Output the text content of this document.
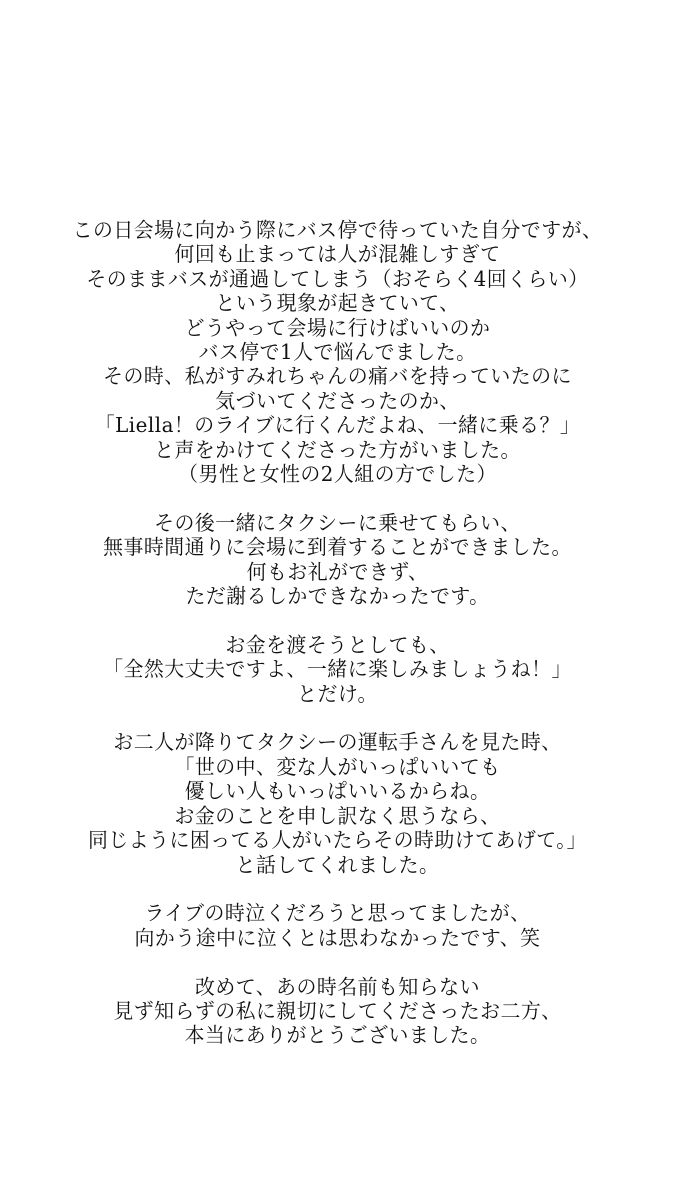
この日会場に向かう際にバス停で待っていた自分ですが、
何回も止まっては人が混雑しすぎて
そのままバスが通過してしまう（おそらく4回くらい）
という現象が起きていて、
どうやって会場に行けばいいのか
バス停で1人で悩んでました。
その時、私がすみれちゃんの痛バを持っていたのに
気づいてくださったのか、
「Liella！のライブに行くんだよね、一緒に乗る？」
と声をかけてくださった方がいました。
（男性と女性の2人組の方でした）

その後一緒にタクシーに乗せてもらい、
無事時間通りに会場に到着することができました。
何もお礼ができず、
ただ謝るしかできなかったです。

お金を渡そうとしても、
「全然大丈夫ですよ、一緒に楽しみましょうね！」
とだけ。

お二人が降りてタクシーの運転手さんを見た時、
「世の中、変な人がいっぱいいても
優しい人もいっぱいいるからね。
お金のことを申し訳なく思うなら、
同じように困ってる人がいたらその時助けてあげて。」
と話してくれました。

ライブの時泣くだろうと思ってましたが、
向かう途中に泣くとは思わなかったです、笑

改めて、あの時名前も知らない
見ず知らずの私に親切にしてくださったお二方、
本当にありがとうございました。
